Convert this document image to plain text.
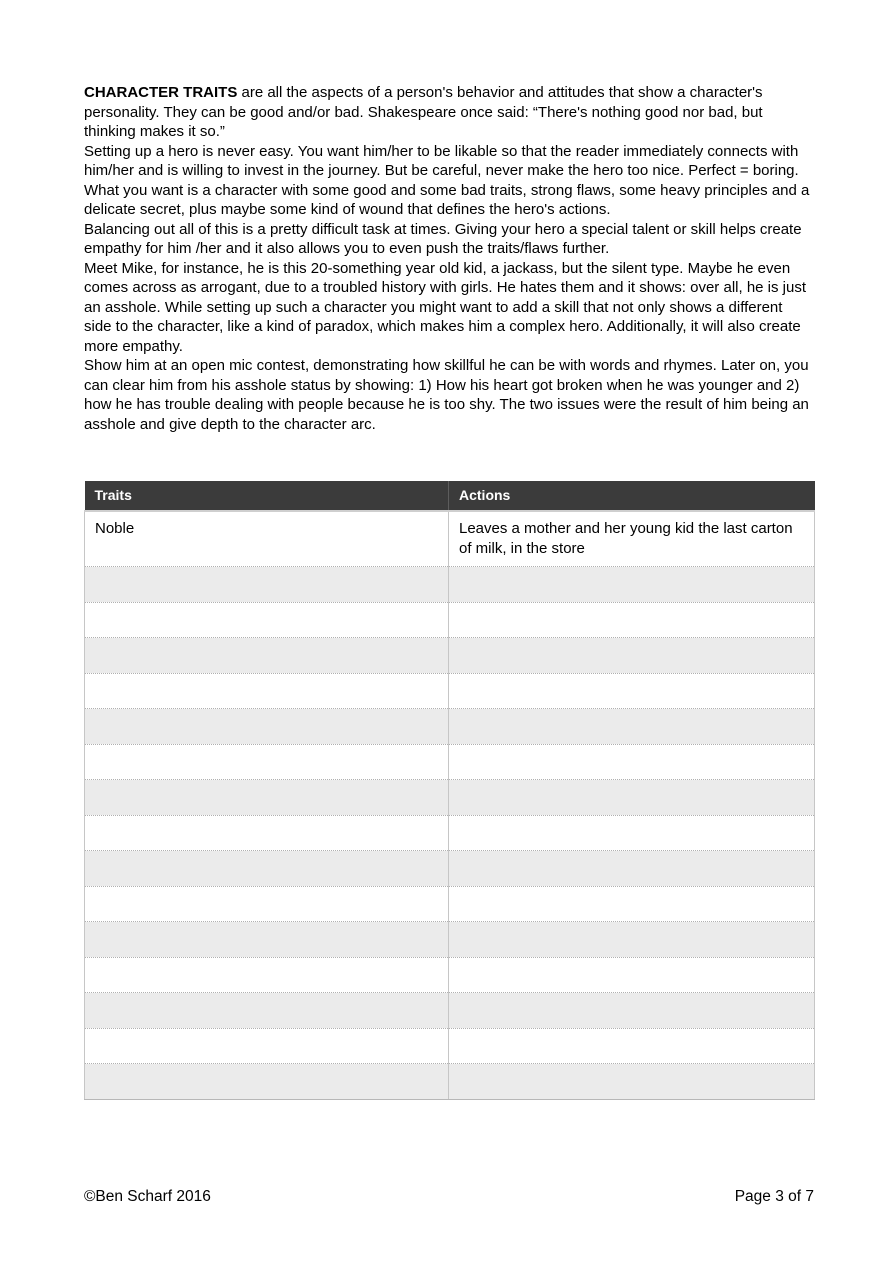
CHARACTER TRAITS are all the aspects of a person's behavior and attitudes that show a character's personality. They can be good and/or bad. Shakespeare once said: “There's nothing good nor bad, but thinking makes it so.”

Setting up a hero is never easy. You want him/her to be likable so that the reader immediately connects with him/her and is willing to invest in the journey. But be careful, never make the hero too nice. Perfect = boring. What you want is a character with some good and some bad traits, strong flaws, some heavy principles and a delicate secret, plus maybe some kind of wound that defines the hero's actions.

Balancing out all of this is a pretty difficult task at times. Giving your hero a special talent or skill helps create empathy for him /her and it also allows you to even push the traits/flaws further.

Meet Mike, for instance, he is this 20-something year old kid, a jackass, but the silent type. Maybe he even comes across as arrogant, due to a troubled history with girls. He hates them and it shows: over all, he is just an asshole. While setting up such a character you might want to add a skill that not only shows a different side to the character, like a kind of paradox, which makes him a complex hero. Additionally, it will also create more empathy.

Show him at an open mic contest, demonstrating how skillful he can be with words and rhymes. Later on, you can clear him from his asshole status by showing: 1) How his heart got broken when he was younger and 2) how he has trouble dealing with people because he is too shy. The two issues were the result of him being an asshole and give depth to the character arc.

Traits	Actions
Noble	Leaves a mother and her young kid the last carton of milk, in the store

©Ben Scharf 2016	Page 3 of 7
